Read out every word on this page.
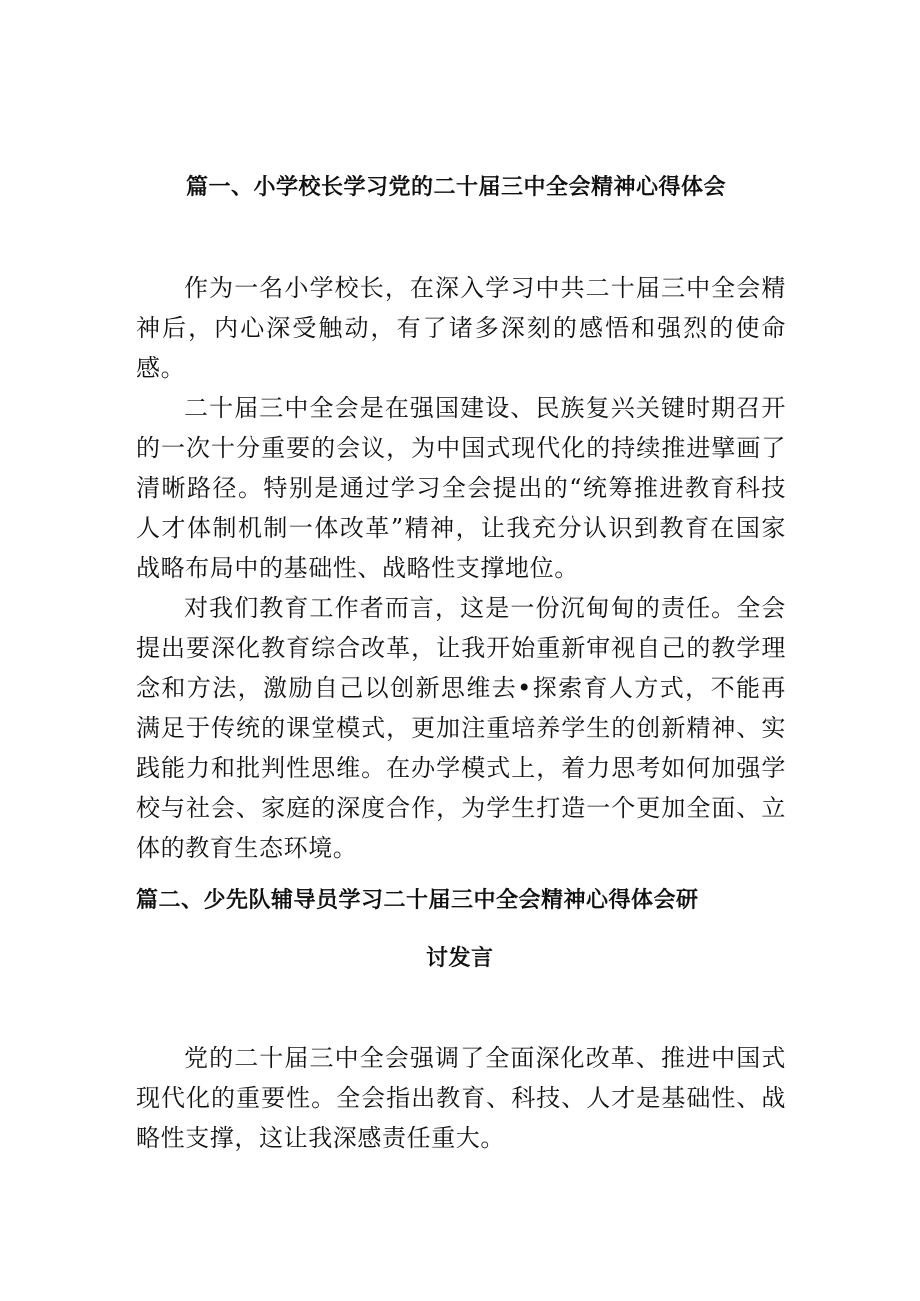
篇一、小学校长学习党的二十届三中全会精神心得体会

作为一名小学校长，在深入学习中共二十届三中全会精神后，内心深受触动，有了诸多深刻的感悟和强烈的使命感。

二十届三中全会是在强国建设、民族复兴关键时期召开的一次十分重要的会议，为中国式现代化的持续推进擘画了清晰路径。特别是通过学习全会提出的“统筹推进教育科技人才体制机制一体改革”精神，让我充分认识到教育在国家战略布局中的基础性、战略性支撑地位。

对我们教育工作者而言，这是一份沉甸甸的责任。全会提出要深化教育综合改革，让我开始重新审视自己的教学理念和方法，激励自己以创新思维去•探索育人方式，不能再满足于传统的课堂模式，更加注重培养学生的创新精神、实践能力和批判性思维。在办学模式上，着力思考如何加强学校与社会、家庭的深度合作，为学生打造一个更加全面、立体的教育生态环境。

篇二、少先队辅导员学习二十届三中全会精神心得体会研
讨发言

党的二十届三中全会强调了全面深化改革、推进中国式现代化的重要性。全会指出教育、科技、人才是基础性、战略性支撑，这让我深感责任重大。
